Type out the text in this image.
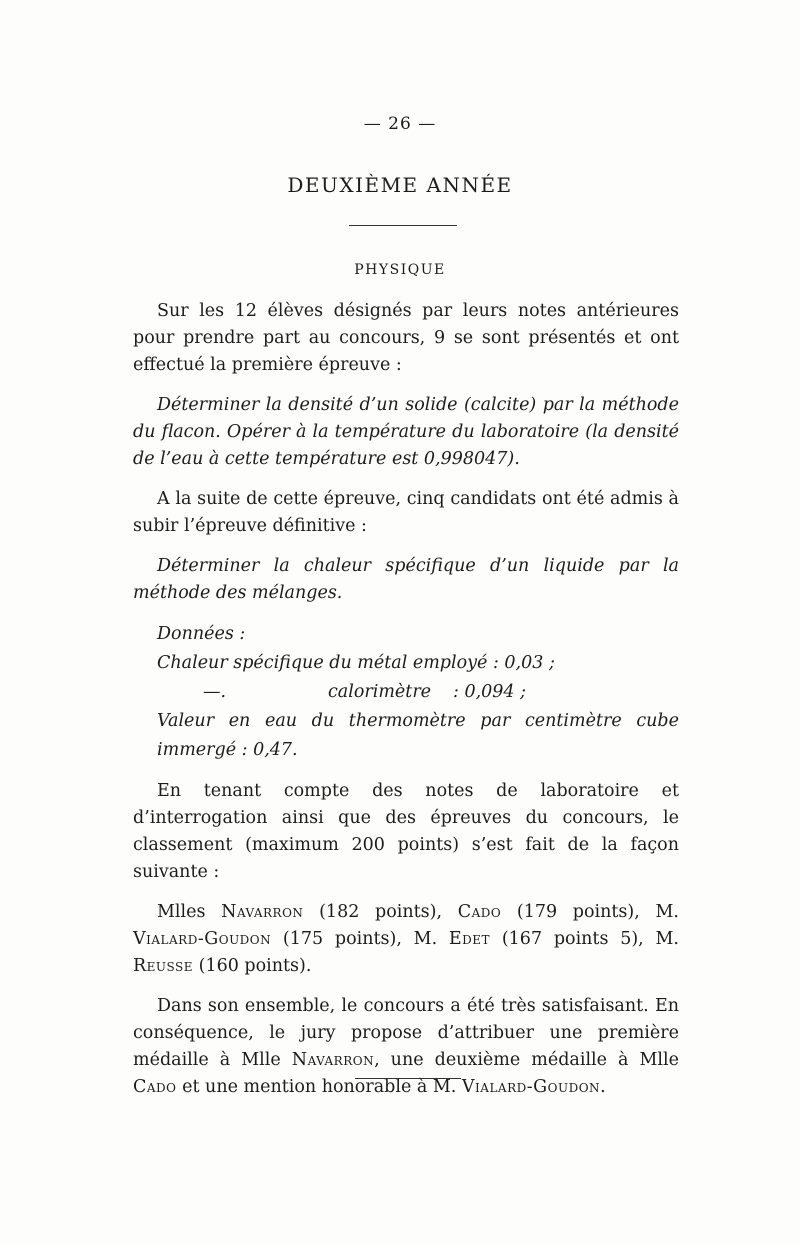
— 26 —
DEUXIÈME ANNÉE
PHYSIQUE

Sur les 12 élèves désignés par leurs notes antérieures pour prendre part au concours, 9 se sont présentés et ont effectué la première épreuve :

Déterminer la densité d’un solide (calcite) par la méthode du flacon. Opérer à la température du laboratoire (la densité de l’eau à cette température est 0,998047).

A la suite de cette épreuve, cinq candidats ont été admis à subir l’épreuve définitive :

Déterminer la chaleur spécifique d’un liquide par la méthode des mélanges.

Données :
Chaleur spécifique du métal employé : 0,03 ;
—.	calorimètre : 0,094 ;
Valeur en eau du thermomètre par centimètre cube immergé : 0,47.

En tenant compte des notes de laboratoire et d’interrogation ainsi que des épreuves du concours, le classement (maximum 200 points) s’est fait de la façon suivante :

Mlles Navarron (182 points), Cado (179 points), M. Vialard-Goudon (175 points), M. Edet (167 points 5), M. Reusse (160 points).

Dans son ensemble, le concours a été très satisfaisant. En conséquence, le jury propose d’attribuer une première médaille à Mlle Navarron, une deuxième médaille à Mlle Cado et une mention honorable à M. Vialard-Goudon.
